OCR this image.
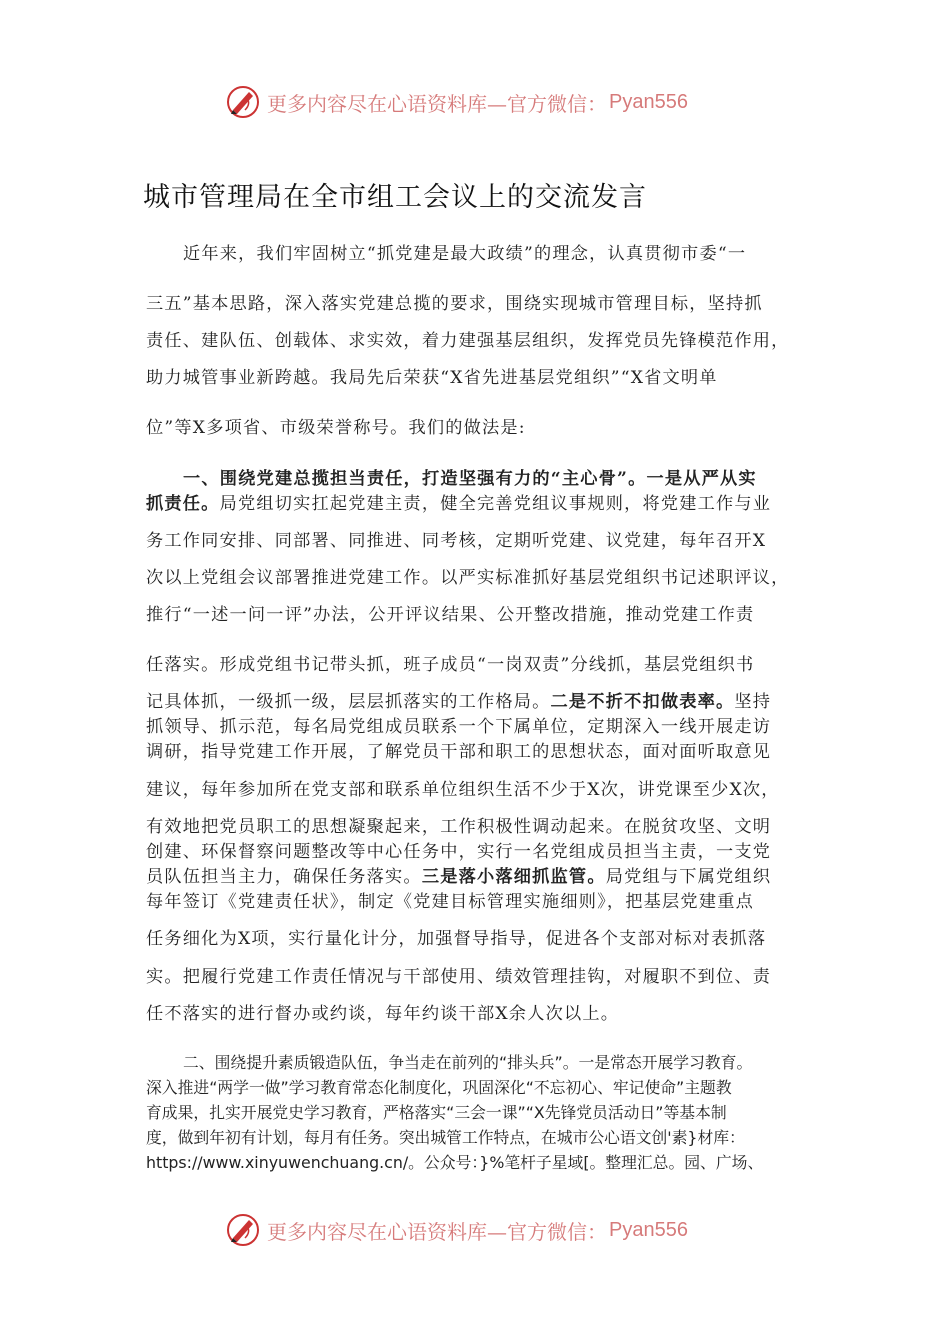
更多内容尽在心语资料库—官方微信： Pyan556
城市管理局在全市组工会议上的交流发言
近年来，我们牢固树立“抓党建是最大政绩”的理念，认真贯彻市委“一
三五”基本思路，深入落实党建总揽的要求，围绕实现城市管理目标，坚持抓
责任、建队伍、创载体、求实效，着力建强基层组织，发挥党员先锋模范作用，
助力城管事业新跨越。我局先后荣获“X省先进基层党组织”“X省文明单
位”等X多项省、市级荣誉称号。我们的做法是:
一、围绕党建总揽担当责任，打造坚强有力的“主心骨”。一是从严从实
抓责任。局党组切实扛起党建主责，健全完善党组议事规则，将党建工作与业
务工作同安排、同部署、同推进、同考核，定期听党建、议党建，每年召开X
次以上党组会议部署推进党建工作。以严实标准抓好基层党组织书记述职评议，
推行“一述一问一评”办法，公开评议结果、公开整改措施，推动党建工作责
任落实。形成党组书记带头抓，班子成员“一岗双责”分线抓，基层党组织书
记具体抓，一级抓一级，层层抓落实的工作格局。二是不折不扣做表率。坚持
抓领导、抓示范，每名局党组成员联系一个下属单位，定期深入一线开展走访
调研，指导党建工作开展，了解党员干部和职工的思想状态，面对面听取意见
建议，每年参加所在党支部和联系单位组织生活不少于X次，讲党课至少X次，
有效地把党员职工的思想凝聚起来，工作积极性调动起来。在脱贫攻坚、文明
创建、环保督察问题整改等中心任务中，实行一名党组成员担当主责，一支党
员队伍担当主力，确保任务落实。三是落小落细抓监管。局党组与下属党组织
每年签订《党建责任状》，制定《党建目标管理实施细则》，把基层党建重点
任务细化为X项，实行量化计分，加强督导指导，促进各个支部对标对表抓落
实。把履行党建工作责任情况与干部使用、绩效管理挂钩，对履职不到位、责
任不落实的进行督办或约谈，每年约谈干部X余人次以上。
二、围绕提升素质锻造队伍，争当走在前列的“排头兵”。一是常态开展学习教育。
深入推进“两学一做”学习教育常态化制度化，巩固深化“不忘初心、牢记使命”主题教
育成果，扎实开展党史学习教育，严格落实“三会一课”“X先锋党员活动日”等基本制
度，做到年初有计划，每月有任务。突出城管工作特点，在城市公心语文创'素}材库：
https://www.xinyuwenchuang.cn/。公众号：}%笔杆子星域[。整理汇总。园、广场、
更多内容尽在心语资料库—官方微信： Pyan556
